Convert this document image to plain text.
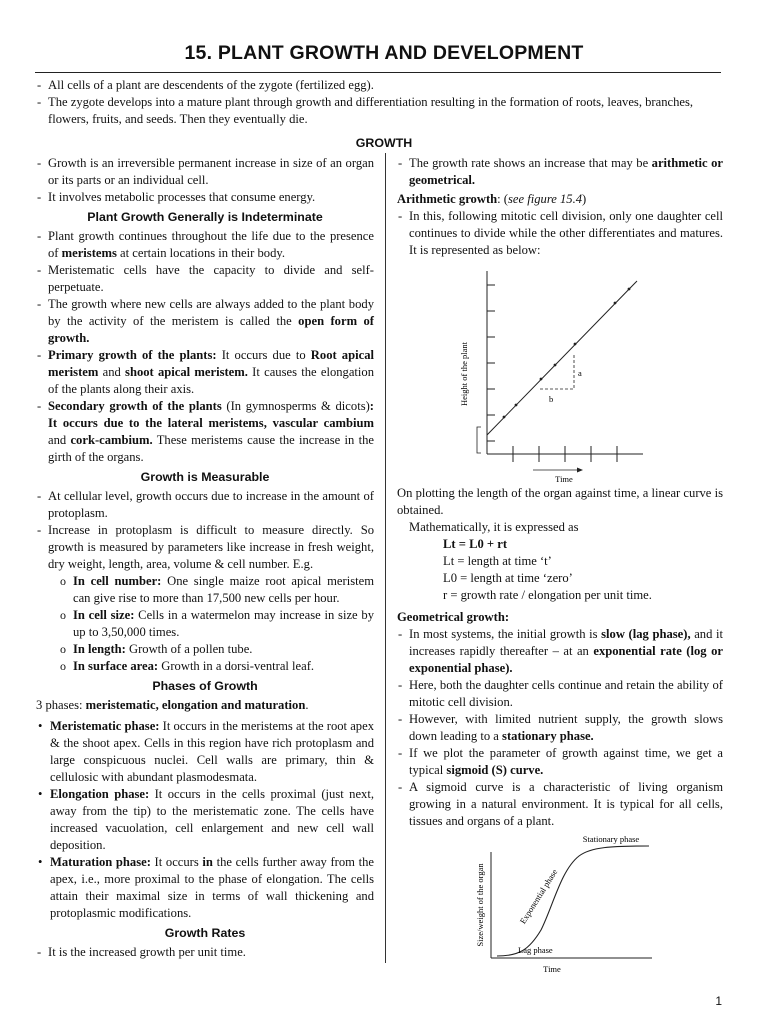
15. PLANT GROWTH AND DEVELOPMENT
- All cells of a plant are descendents of the zygote (fertilized egg).
- The zygote develops into a mature plant through growth and differentiation resulting in the formation of roots, leaves, branches, flowers, fruits, and seeds. Then they eventually die.
GROWTH
- Growth is an irreversible permanent increase in size of an organ or its parts or an individual cell.
- It involves metabolic processes that consume energy.
Plant Growth Generally is Indeterminate
- Plant growth continues throughout the life due to the presence of meristems at certain locations in their body.
- Meristematic cells have the capacity to divide and self-perpetuate.
- The growth where new cells are always added to the plant body by the activity of the meristem is called the open form of growth.
- Primary growth of the plants: It occurs due to Root apical meristem and shoot apical meristem. It causes the elongation of the plants along their axis.
- Secondary growth of the plants (In gymnosperms & dicots): It occurs due to the lateral meristems, vascular cambium and cork-cambium. These meristems cause the increase in the girth of the organs.
Growth is Measurable
- At cellular level, growth occurs due to increase in the amount of protoplasm.
- Increase in protoplasm is difficult to measure directly. So growth is measured by parameters like increase in fresh weight, dry weight, length, area, volume & cell number. E.g.
o In cell number: One single maize root apical meristem can give rise to more than 17,500 new cells per hour.
o In cell size: Cells in a watermelon may increase in size by up to 3,50,000 times.
o In length: Growth of a pollen tube.
o In surface area: Growth in a dorsi-ventral leaf.
Phases of Growth

3 phases: meristematic, elongation and maturation.

• Meristematic phase: It occurs in the meristems at the root apex & the shoot apex. Cells in this region have rich protoplasm and large conspicuous nuclei. Cell walls are primary, thin & cellulosic with abundant plasmodesmata.
• Elongation phase: It occurs in the cells proximal (just next, away from the tip) to the meristematic zone. The cells have increased vacuolation, cell enlargement and new cell wall deposition.
• Maturation phase: It occurs in the cells further away from the apex, i.e., more proximal to the phase of elongation. The cells attain their maximal size in terms of wall thickening and protoplasmic modifications.
Growth Rates
- It is the increased growth per unit time.
- The growth rate shows an increase that may be arithmetic or geometrical.

Arithmetic growth: (see figure 15.4)

- In this, following mitotic cell division, only one daughter cell continues to divide while the other differentiates and matures. It is represented as below:
a
b
Height of the plant
Time

On plotting the length of the organ against time, a linear curve is obtained.

Mathematically, it is expressed as

Lt = L0 + rt

Lt = length at time ‘t’

L0 = length at time ‘zero’

r = growth rate / elongation per unit time.

Geometrical growth:

- In most systems, the initial growth is slow (lag phase), and it increases rapidly thereafter – at an exponential rate (log or exponential phase).
- Here, both the daughter cells continue and retain the ability of mitotic cell division.
- However, with limited nutrient supply, the growth slows down leading to a stationary phase.
- If we plot the parameter of growth against time, we get a typical sigmoid (S) curve.
- A sigmoid curve is a characteristic of living organism growing in a natural environment. It is typical for all cells, tissues and organs of a plant.
Stationary phase
Exponential phase
Lag phase
Size/weight of the organ
Time
1
